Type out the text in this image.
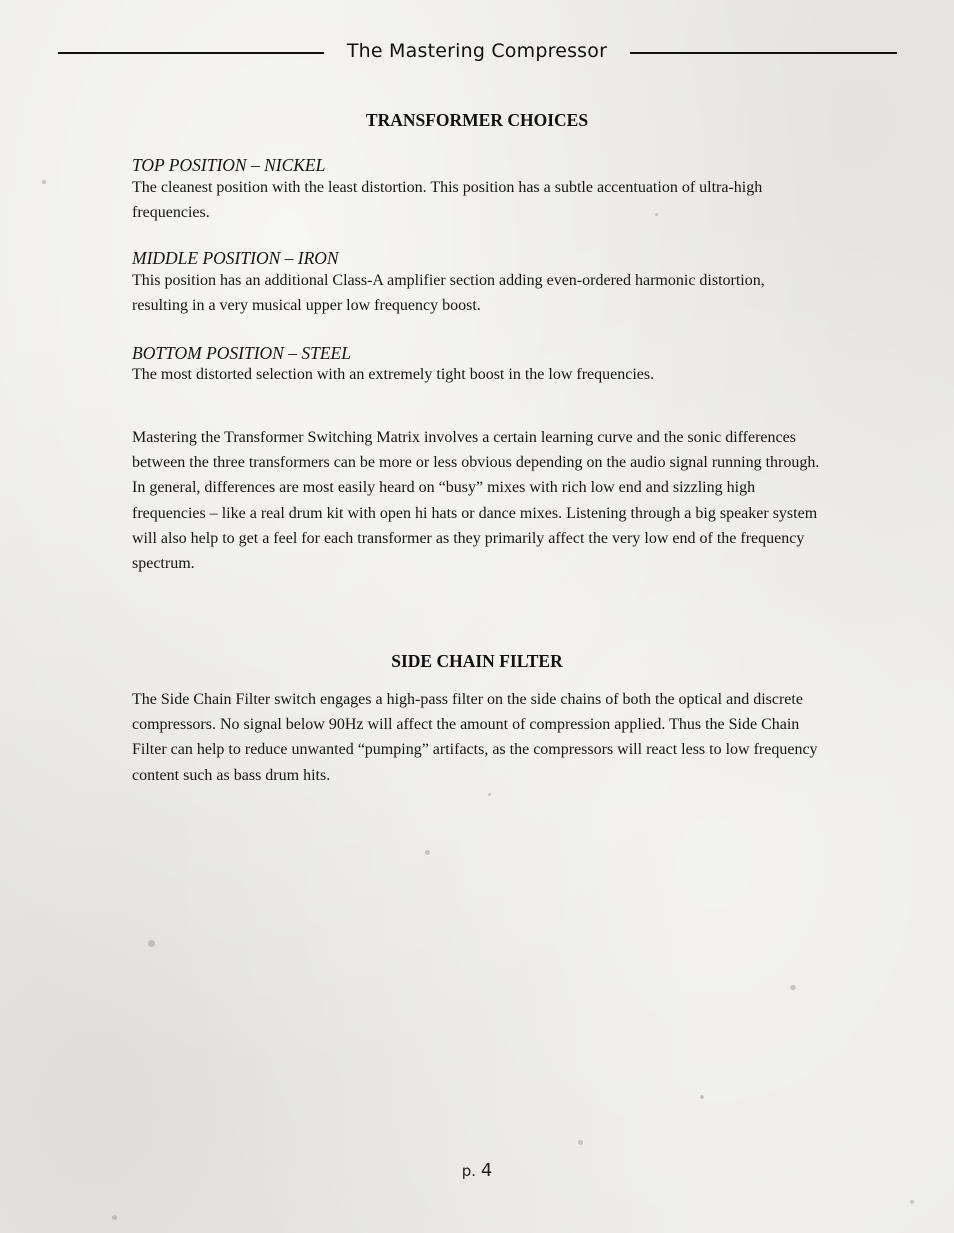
The Mastering Compressor
TRANSFORMER CHOICES
TOP POSITION – NICKEL
The cleanest position with the least distortion. This position has a subtle accentuation of ultra-high frequencies.
MIDDLE POSITION – IRON
This position has an additional Class-A amplifier section adding even-ordered harmonic distortion, resulting in a very musical upper low frequency boost.
BOTTOM POSITION – STEEL
The most distorted selection with an extremely tight boost in the low frequencies.
Mastering the Transformer Switching Matrix involves a certain learning curve and the sonic differences between the three transformers can be more or less obvious depending on the audio signal running through. In general, differences are most easily heard on “busy” mixes with rich low end and sizzling high frequencies – like a real drum kit with open hi hats or dance mixes. Listening through a big speaker system will also help to get a feel for each transformer as they primarily affect the very low end of the frequency spectrum.
SIDE CHAIN FILTER
The Side Chain Filter switch engages a high-pass filter on the side chains of both the optical and discrete compressors. No signal below 90Hz will affect the amount of compression applied. Thus the Side Chain Filter can help to reduce unwanted “pumping” artifacts, as the compressors will react less to low frequency content such as bass drum hits.
p. 4
